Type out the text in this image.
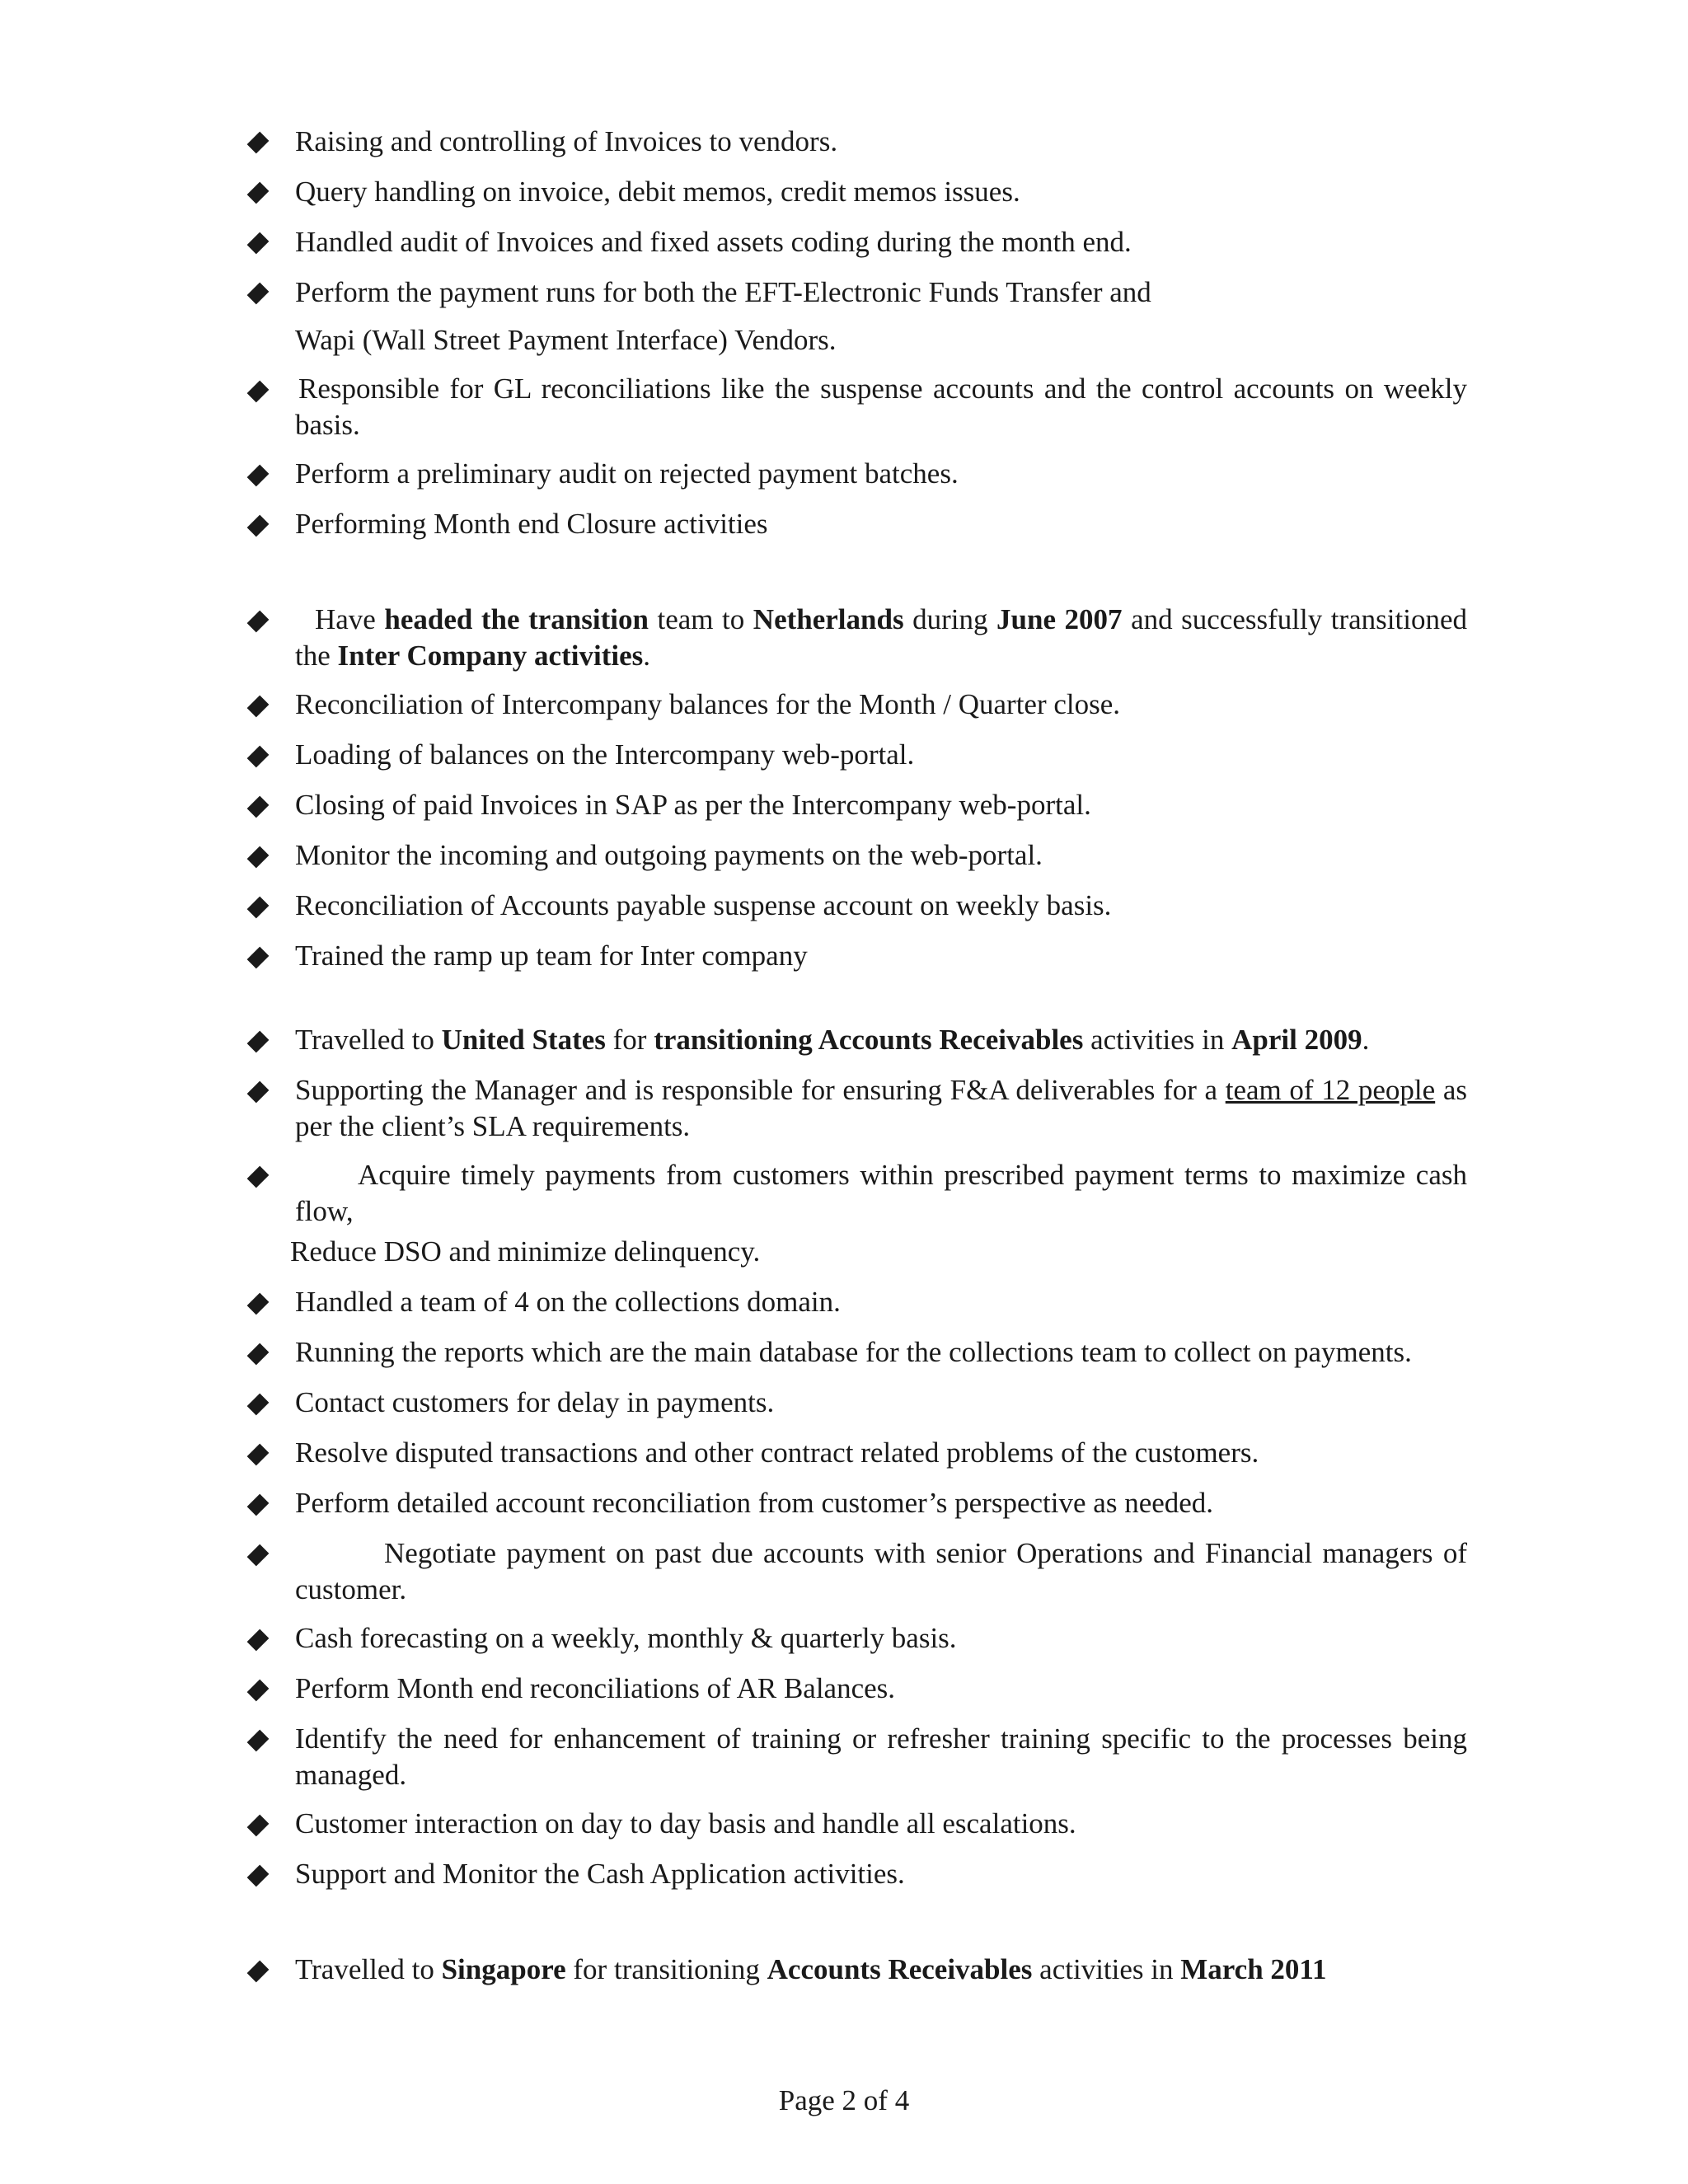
Raising and controlling of Invoices to vendors.
Query handling on invoice, debit memos, credit memos issues.
Handled audit of Invoices and fixed assets coding during the month end.
Perform the payment runs for both the EFT-Electronic Funds Transfer and
Wapi (Wall Street Payment Interface) Vendors.
Responsible for GL reconciliations like the suspense accounts and the control accounts on weekly basis.
Perform a preliminary audit on rejected payment batches.
Performing Month end Closure activities
Have headed the transition team to Netherlands during June 2007 and successfully transitioned the Inter Company activities.
Reconciliation of Intercompany balances for the Month / Quarter close.
Loading of balances on the Intercompany web-portal.
Closing of paid Invoices in SAP as per the Intercompany web-portal.
Monitor the incoming and outgoing payments on the web-portal.
Reconciliation of Accounts payable suspense account on weekly basis.
Trained the ramp up team for Inter company
Travelled to United States for transitioning Accounts Receivables activities in April 2009.
Supporting the Manager and is responsible for ensuring F&A deliverables for a team of 12 people as per the client’s SLA requirements.
Acquire timely payments from customers within prescribed payment terms to maximize cash flow,
Reduce DSO and minimize delinquency.
Handled a team of 4 on the collections domain.
Running the reports which are the main database for the collections team to collect on payments.
Contact customers for delay in payments.
Resolve disputed transactions and other contract related problems of the customers.
Perform detailed account reconciliation from customer’s perspective as needed.
Negotiate payment on past due accounts with senior Operations and Financial managers of customer.
Cash forecasting on a weekly, monthly & quarterly basis.
Perform Month end reconciliations of AR Balances.
Identify the need for enhancement of training or refresher training specific to the processes being managed.
Customer interaction on day to day basis and handle all escalations.
Support and Monitor the Cash Application activities.
Travelled to Singapore for transitioning Accounts Receivables activities in March 2011
Page 2 of 4
